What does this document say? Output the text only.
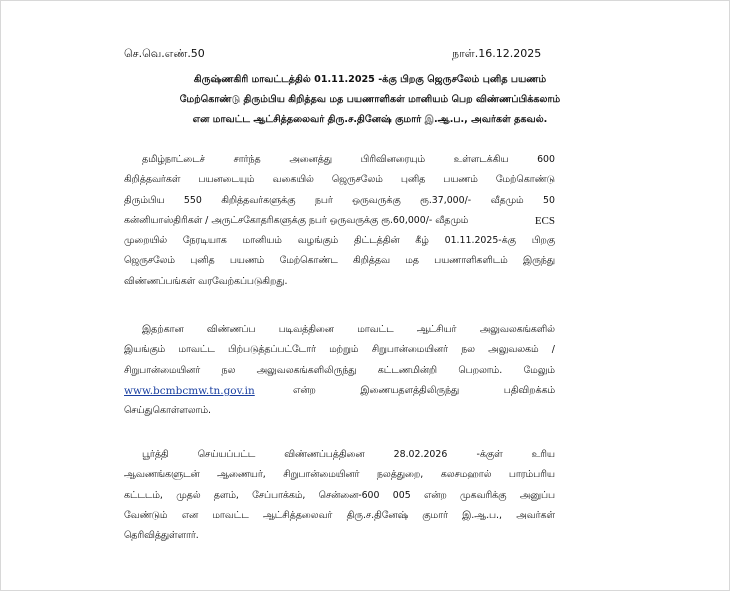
செ.வெ.எண்.50	நாள்.16.12.2025
கிருஷ்ணகிரி மாவட்டத்தில் 01.11.2025 -க்கு பிறகு ஜெருசலேம் புனித பயணம்
மேற்கொண்டு திரும்பிய கிறித்தவ மத பயணாளிகள் மானியம் பெற விண்ணப்பிக்கலாம்
என மாவட்ட ஆட்சித்தலைவர் திரு.ச.தினேஷ் குமார் இ.ஆ.ப., அவர்கள் தகவல்.
தமிழ்நாட்டைச்	சார்ந்த	அனைத்து	பிரிவினரையும்	உள்ளடக்கிய	600
கிறித்தவர்கள் பயனடையும் வகையில் ஜெருசலேம் புனித பயணம் மேற்கொண்டு
திரும்பிய 550 கிறித்தவர்களுக்கு நபர் ஒருவருக்கு ரூ.37,000/- வீதமும் 50
கன்னியாஸ்திரிகள் / அருட்சகோதரிகளுக்கு நபர் ஒருவருக்கு ரூ.60,000/- வீதமும்	ECS
முறையில் நேரடியாக மானியம் வழங்கும் திட்டத்தின் கீழ் 01.11.2025-க்கு பிறகு
ஜெருசலேம் புனித பயணம் மேற்கொண்ட கிறித்தவ மத பயணாளிகளிடம் இருந்து
விண்ணப்பங்கள் வரவேற்கப்படுகிறது.
இதற்கான விண்ணப்ப படிவத்தினை மாவட்ட ஆட்சியர் அலுவலகங்களில்
இயங்கும் மாவட்ட பிற்படுத்தப்பட்டோர் மற்றும் சிறுபான்மையினர் நல அலுவலகம் /
சிறுபான்மையினர் நல அலுவலகங்களிலிருந்து கட்டணமின்றி பெறலாம். மேலும்
www.bcmbcmw.tn.gov.in	என்ற	இணையதளத்திலிருந்து	பதிவிறக்கம்
செய்துகொள்ளலாம்.
பூர்த்தி	செய்யப்பட்ட	விண்ணப்பத்தினை	28.02.2026	-க்குள்	உரிய
ஆவணங்களுடன் ஆணையர், சிறுபான்மையினர் நலத்துறை, கலசமஹால் பாரம்பரிய
கட்டடம், முதல் தளம், சேப்பாக்கம், சென்னை-600 005 என்ற முகவரிக்கு அனுப்ப
வேண்டும் என மாவட்ட ஆட்சித்தலைவர் திரு.ச.தினேஷ் குமார் இ.ஆ.ப., அவர்கள்
தெரிவித்துள்ளார்.
